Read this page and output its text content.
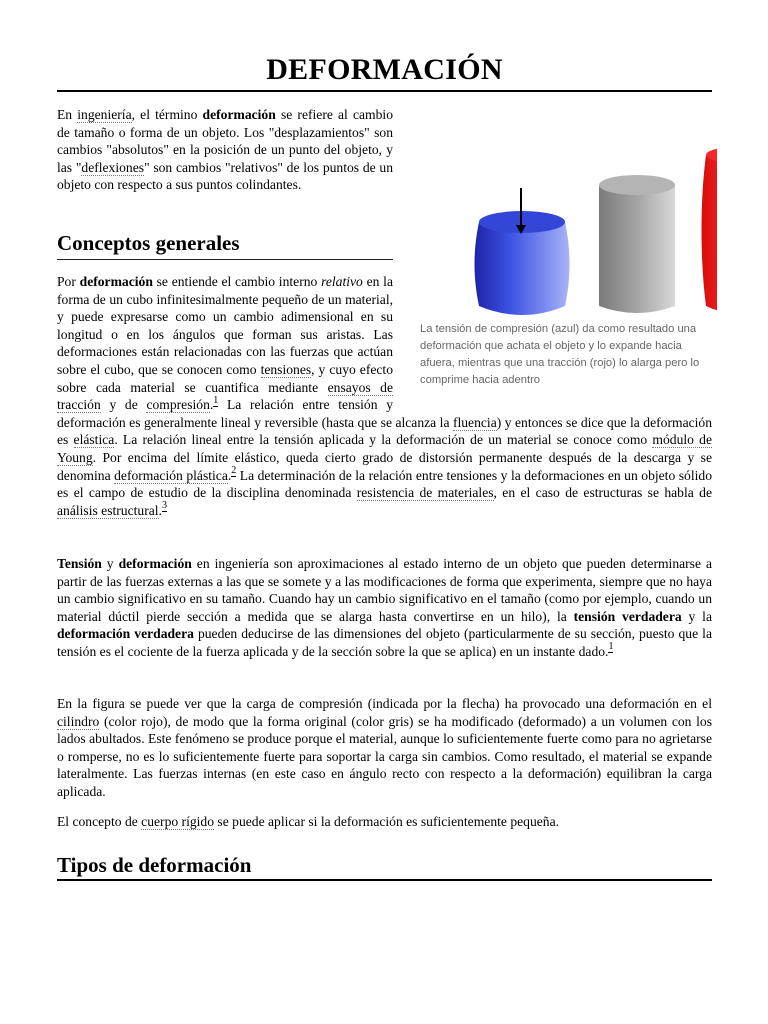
DEFORMACIÓN

En ingeniería, el término deformación se refiere al cambio de tamaño o forma de un objeto. Los "desplazamientos" son cambios "absolutos" en la posición de un punto del objeto, y las "deflexiones" son cambios "relativos" de los puntos de un objeto con respecto a sus puntos colindantes.

La tensión de compresión (azul) da como resultado una deformación que achata el objeto y lo expande hacia afuera, mientras que una tracción (rojo) lo alarga pero lo comprime hacia adentro
Conceptos generales

Por deformación se entiende el cambio interno relativo en la forma de un cubo infinitesimalmente pequeño de un material, y puede expresarse como un cambio adimensional en su longitud o en los ángulos que forman sus aristas. Las deformaciones están relacionadas con las fuerzas que actúan sobre el cubo, que se conocen como tensiones, y cuyo efecto sobre cada material se cuantifica mediante ensayos de tracción y de compresión.$^1$ La relación entre tensión y deformación es generalmente lineal y reversible (hasta que se alcanza la fluencia) y entonces se dice que la deformación es elástica. La relación lineal entre la tensión aplicada y la deformación de un material se conoce como módulo de Young. Por encima del límite elástico, queda cierto grado de distorsión permanente después de la descarga y se denomina deformación plástica.$^2$ La determinación de la relación entre tensiones y la deformaciones en un objeto sólido es el campo de estudio de la disciplina denominada resistencia de materiales, en el caso de estructuras se habla de análisis estructural.$^3$

Tensión y deformación en ingeniería son aproximaciones al estado interno de un objeto que pueden determinarse a partir de las fuerzas externas a las que se somete y a las modificaciones de forma que experimenta, siempre que no haya un cambio significativo en su tamaño. Cuando hay un cambio significativo en el tamaño (como por ejemplo, cuando un material dúctil pierde sección a medida que se alarga hasta convertirse en un hilo), la tensión verdadera y la deformación verdadera pueden deducirse de las dimensiones del objeto (particularmente de su sección, puesto que la tensión es el cociente de la fuerza aplicada y de la sección sobre la que se aplica) en un instante dado.$^1$

En la figura se puede ver que la carga de compresión (indicada por la flecha) ha provocado una deformación en el cilindro (color rojo), de modo que la forma original (color gris) se ha modificado (deformado) a un volumen con los lados abultados. Este fenómeno se produce porque el material, aunque lo suficientemente fuerte como para no agrietarse o romperse, no es lo suficientemente fuerte para soportar la carga sin cambios. Como resultado, el material se expande lateralmente. Las fuerzas internas (en este caso en ángulo recto con respecto a la deformación) equilibran la carga aplicada.

El concepto de cuerpo rígido se puede aplicar si la deformación es suficientemente pequeña.

Tipos de deformación
